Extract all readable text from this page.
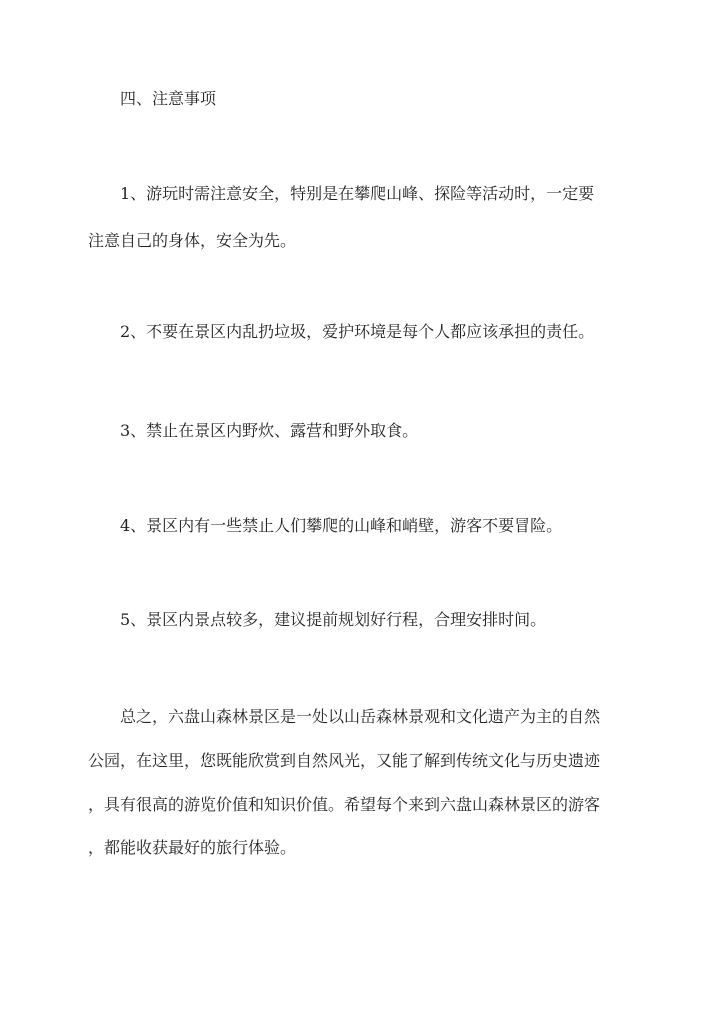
四、注意事项

1、游玩时需注意安全，特别是在攀爬山峰、探险等活动时，一定要

注意自己的身体，安全为先。

2、不要在景区内乱扔垃圾，爱护环境是每个人都应该承担的责任。

3、禁止在景区内野炊、露营和野外取食。

4、景区内有一些禁止人们攀爬的山峰和峭壁，游客不要冒险。

5、景区内景点较多，建议提前规划好行程，合理安排时间。

总之，六盘山森林景区是一处以山岳森林景观和文化遗产为主的自然

公园，在这里，您既能欣赏到自然风光，又能了解到传统文化与历史遗迹

，具有很高的游览价值和知识价值。希望每个来到六盘山森林景区的游客

，都能收获最好的旅行体验。
